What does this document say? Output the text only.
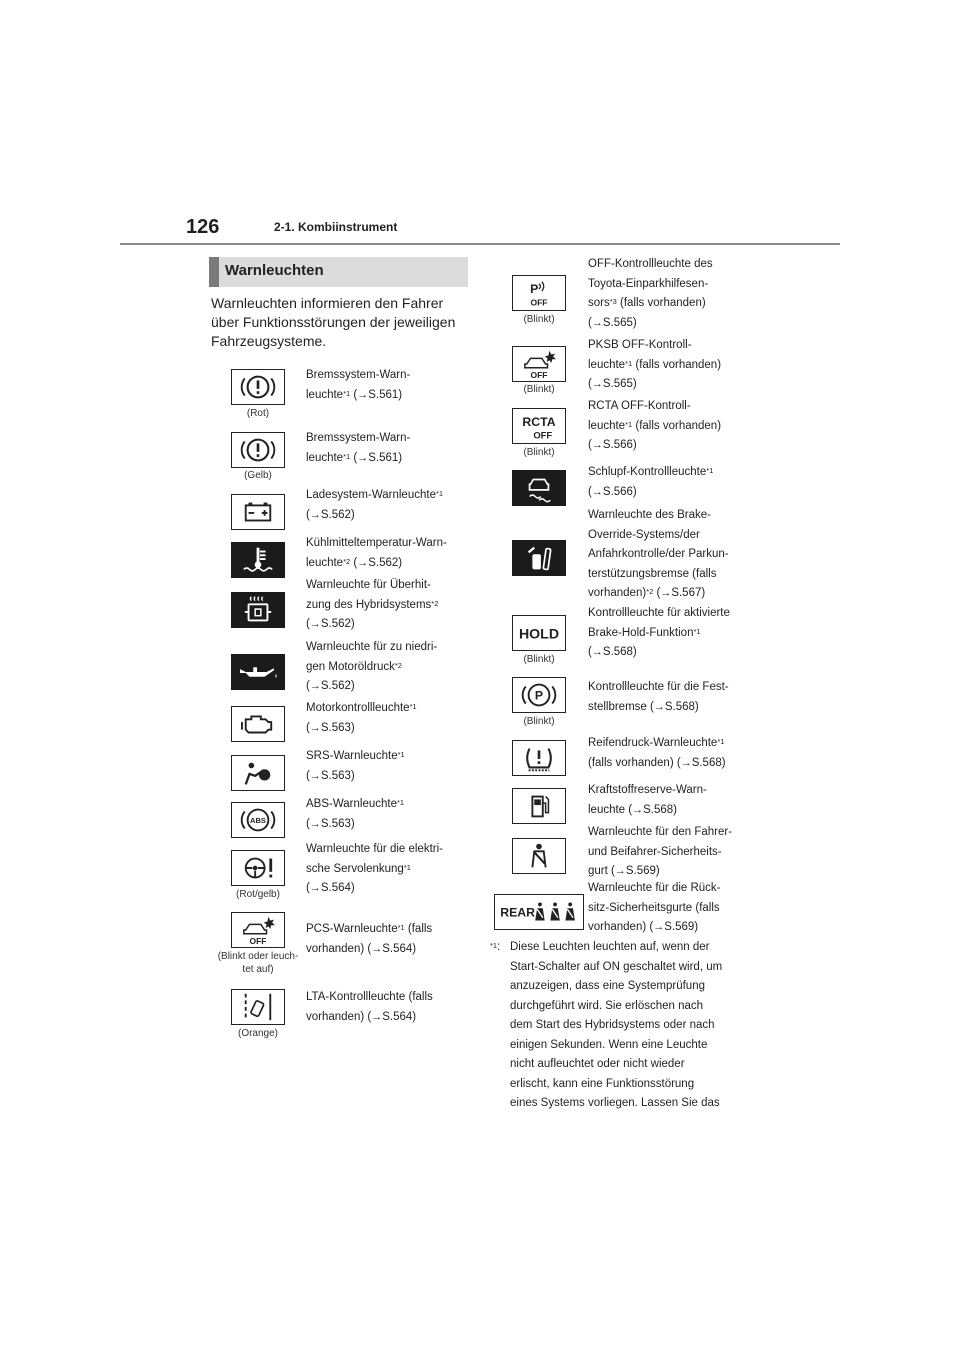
126	2-1. Kombiinstrument
Warnleuchten
Warnleuchten informieren den Fahrer über Funktionsstörungen der jeweiligen Fahrzeugsysteme.
(Rot)
Bremssystem-Warn-
leuchte$^{*1}$ (→S.561)
(Gelb)
Bremssystem-Warn-
leuchte$^{*1}$ (→S.561)
Ladesystem-Warnleuchte$^{*1}$
(→S.562)
Kühlmitteltemperatur-Warn-
leuchte$^{*2}$ (→S.562)
Warnleuchte für Überhit-
zung des Hybridsystems$^{*2}$
(→S.562)
Warnleuchte für zu niedri-
gen Motoröldruck$^{*2}$
(→S.562)
Motorkontrollleuchte$^{*1}$
(→S.563)
SRS-Warnleuchte$^{*1}$
(→S.563)
ABS
ABS-Warnleuchte$^{*1}$
(→S.563)
(Rot/gelb)
Warnleuchte für die elektri-
sche Servolenkung$^{*1}$
(→S.564)
OFF
(Blinkt oder leuch-
tet auf)
PCS-Warnleuchte$^{*1}$ (falls
vorhanden) (→S.564)
(Orange)
LTA-Kontrollleuchte (falls
vorhanden) (→S.564)
P
OFF
(Blinkt)
OFF-Kontrollleuchte des
Toyota-Einparkhilfesen-
sors$^{*3}$ (falls vorhanden)
(→S.565)
OFF
(Blinkt)
PKSB OFF-Kontroll-
leuchte$^{*1}$ (falls vorhanden)
(→S.565)
RCTA
OFF
(Blinkt)
RCTA OFF-Kontroll-
leuchte$^{*1}$ (falls vorhanden)
(→S.566)
Schlupf-Kontrollleuchte$^{*1}$
(→S.566)
Warnleuchte des Brake-
Override-Systems/der
Anfahrkontrolle/der Parkun-
terstützungsbremse (falls
vorhanden)$^{*2}$ (→S.567)
HOLD
(Blinkt)
Kontrollleuchte für aktivierte
Brake-Hold-Funktion$^{*1}$
(→S.568)
P
(Blinkt)
Kontrollleuchte für die Fest-
stellbremse (→S.568)
Reifendruck-Warnleuchte$^{*1}$
(falls vorhanden) (→S.568)
Kraftstoffreserve-Warn-
leuchte (→S.568)
Warnleuchte für den Fahrer-
und Beifahrer-Sicherheits-
gurt (→S.569)
REAR
Warnleuchte für die Rück-
sitz-Sicherheitsgurte (falls
vorhanden) (→S.569)
$^{*1}$: Diese Leuchten leuchten auf, wenn der
Start-Schalter auf ON geschaltet wird, um
anzuzeigen, dass eine Systemprüfung
durchgeführt wird. Sie erlöschen nach
dem Start des Hybridsystems oder nach
einigen Sekunden. Wenn eine Leuchte
nicht aufleuchtet oder nicht wieder
erlischt, kann eine Funktionsstörung
eines Systems vorliegen. Lassen Sie das
